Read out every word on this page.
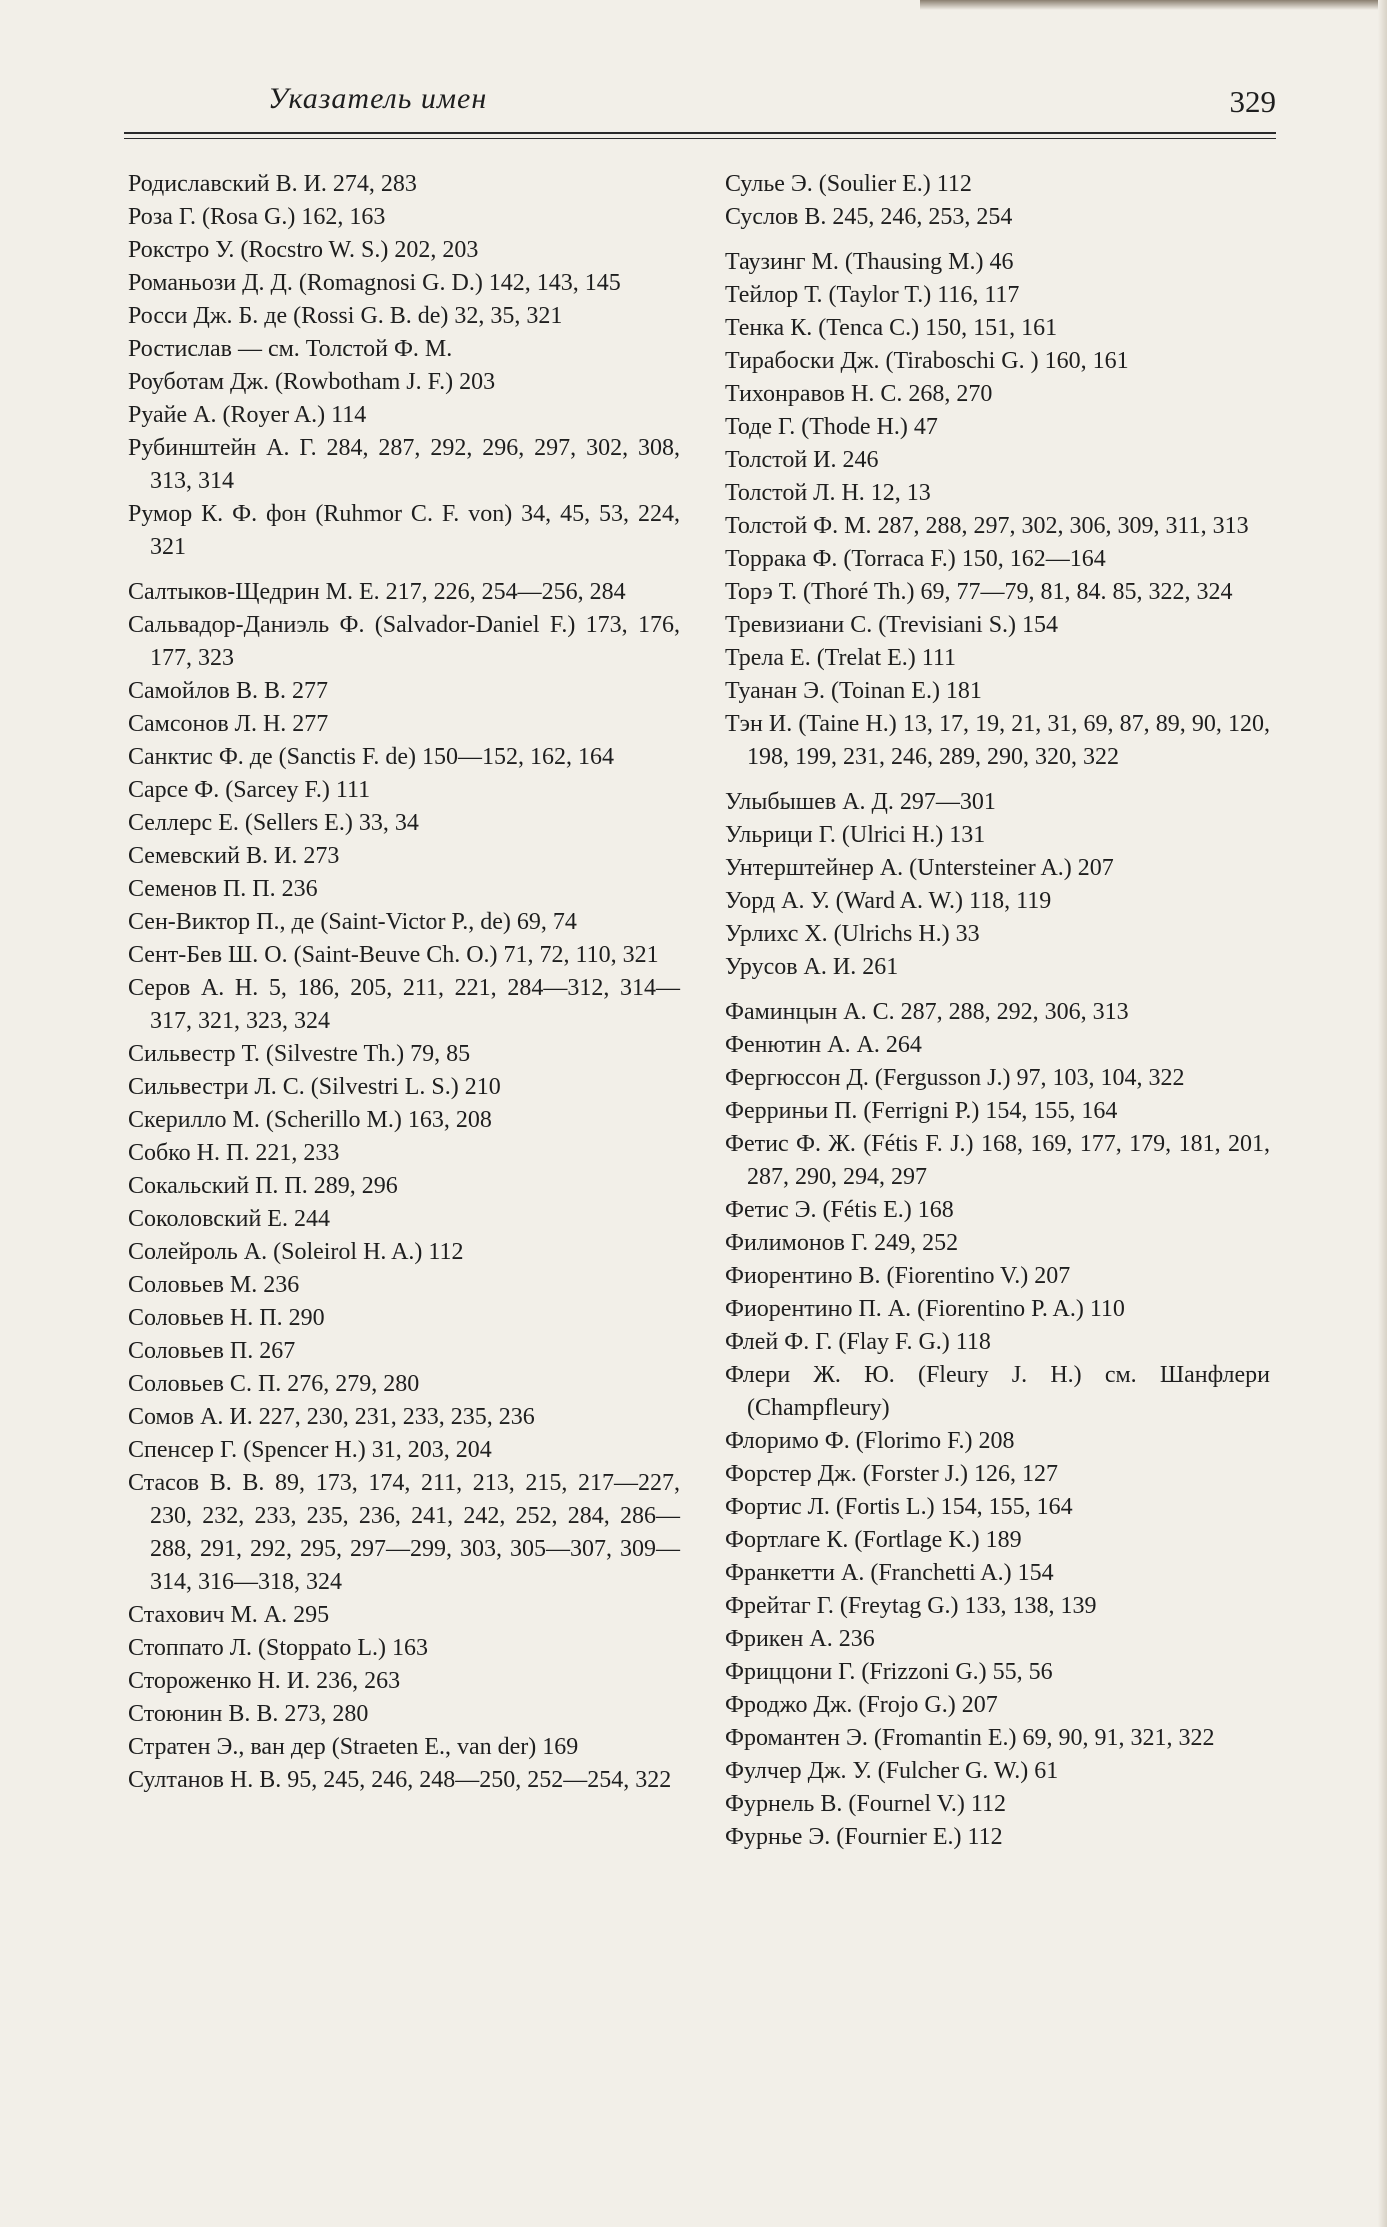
Указатель имен	329

Родиславский В. И. 274, 283

Роза Г. (Rosa G.) 162, 163

Рокстро У. (Rocstro W. S.) 202, 203

Романьози Д. Д. (Romagnosi G. D.) 142, 143, 145

Росси Дж. Б. де (Rossi G. B. de) 32, 35, 321

Ростислав — см. Толстой Ф. М.

Роуботам Дж. (Rowbotham J. F.) 203

Руайе А. (Royer A.) 114

Рубинштейн А. Г. 284, 287, 292, 296, 297, 302, 308, 313, 314

Румор К. Ф. фон (Ruhmor C. F. von) 34, 45, 53, 224, 321

Салтыков-Щедрин М. Е. 217, 226, 254—256, 284

Сальвадор-Даниэль Ф. (Salvador-Daniel F.) 173, 176, 177, 323

Самойлов В. В. 277

Самсонов Л. Н. 277

Санктис Ф. де (Sanctis F. de) 150—152, 162, 164

Сарсе Ф. (Sarcey F.) 111

Селлерс Е. (Sellers E.) 33, 34

Семевский В. И. 273

Семенов П. П. 236

Сен-Виктор П., де (Saint-Victor P., de) 69, 74

Сент-Бев Ш. О. (Saint-Beuve Ch. O.) 71, 72, 110, 321

Серов А. Н. 5, 186, 205, 211, 221, 284—312, 314—317, 321, 323, 324

Сильвестр Т. (Silvestre Th.) 79, 85

Сильвестри Л. С. (Silvestri L. S.) 210

Скерилло М. (Scherillo M.) 163, 208

Собко Н. П. 221, 233

Сокальский П. П. 289, 296

Соколовский Е. 244

Солейроль А. (Soleirol H. A.) 112

Соловьев М. 236

Соловьев Н. П. 290

Соловьев П. 267

Соловьев С. П. 276, 279, 280

Сомов А. И. 227, 230, 231, 233, 235, 236

Спенсер Г. (Spencer H.) 31, 203, 204

Стасов В. В. 89, 173, 174, 211, 213, 215, 217—227, 230, 232, 233, 235, 236, 241, 242, 252, 284, 286—288, 291, 292, 295, 297—299, 303, 305—307, 309—314, 316—318, 324

Стахович М. А. 295

Стоппато Л. (Stoppato L.) 163

Стороженко Н. И. 236, 263

Стоюнин В. В. 273, 280

Стратен Э., ван дер (Straeten E., van der) 169

Султанов Н. В. 95, 245, 246, 248—250, 252—254, 322

Сулье Э. (Soulier E.) 112

Суслов В. 245, 246, 253, 254

Таузинг М. (Thausing M.) 46

Тейлор Т. (Taylor T.) 116, 117

Тенка К. (Tenca C.) 150, 151, 161

Тирабоски Дж. (Tiraboschi G. ) 160, 161

Тихонравов Н. С. 268, 270

Тоде Г. (Thode H.) 47

Толстой И. 246

Толстой Л. Н. 12, 13

Толстой Ф. М. 287, 288, 297, 302, 306, 309, 311, 313

Торрака Ф. (Torraca F.) 150, 162—164

Торэ Т. (Thoré Th.) 69, 77—79, 81, 84. 85, 322, 324

Тревизиани С. (Trevisiani S.) 154

Трела Е. (Trelat E.) 111

Туанан Э. (Toinan E.) 181

Тэн И. (Taine H.) 13, 17, 19, 21, 31, 69, 87, 89, 90, 120, 198, 199, 231, 246, 289, 290, 320, 322

Улыбышев А. Д. 297—301

Ульрици Г. (Ulrici H.) 131

Унтерштейнер А. (Untersteiner A.) 207

Уорд А. У. (Ward A. W.) 118, 119

Урлихс Х. (Ulrichs H.) 33

Урусов А. И. 261

Фаминцын А. С. 287, 288, 292, 306, 313

Фенютин А. А. 264

Фергюссон Д. (Fergusson J.) 97, 103, 104, 322

Ферриньи П. (Ferrigni P.) 154, 155, 164

Фетис Ф. Ж. (Fétis F. J.) 168, 169, 177, 179, 181, 201, 287, 290, 294, 297

Фетис Э. (Fétis E.) 168

Филимонов Г. 249, 252

Фиорентино В. (Fiorentino V.) 207

Фиорентино П. А. (Fiorentino P. A.) 110

Флей Ф. Г. (Flay F. G.) 118

Флери Ж. Ю. (Fleury J. H.) см. Шанфлери (Champfleury)

Флоримо Ф. (Florimo F.) 208

Форстер Дж. (Forster J.) 126, 127

Фортис Л. (Fortis L.) 154, 155, 164

Фортлаге К. (Fortlage K.) 189

Франкетти А. (Franchetti A.) 154

Фрейтаг Г. (Freytag G.) 133, 138, 139

Фрикен А. 236

Фриццони Г. (Frizzoni G.) 55, 56

Фроджо Дж. (Frojo G.) 207

Фромантен Э. (Fromantin E.) 69, 90, 91, 321, 322

Фулчер Дж. У. (Fulcher G. W.) 61

Фурнель В. (Fournel V.) 112

Фурнье Э. (Fournier E.) 112
